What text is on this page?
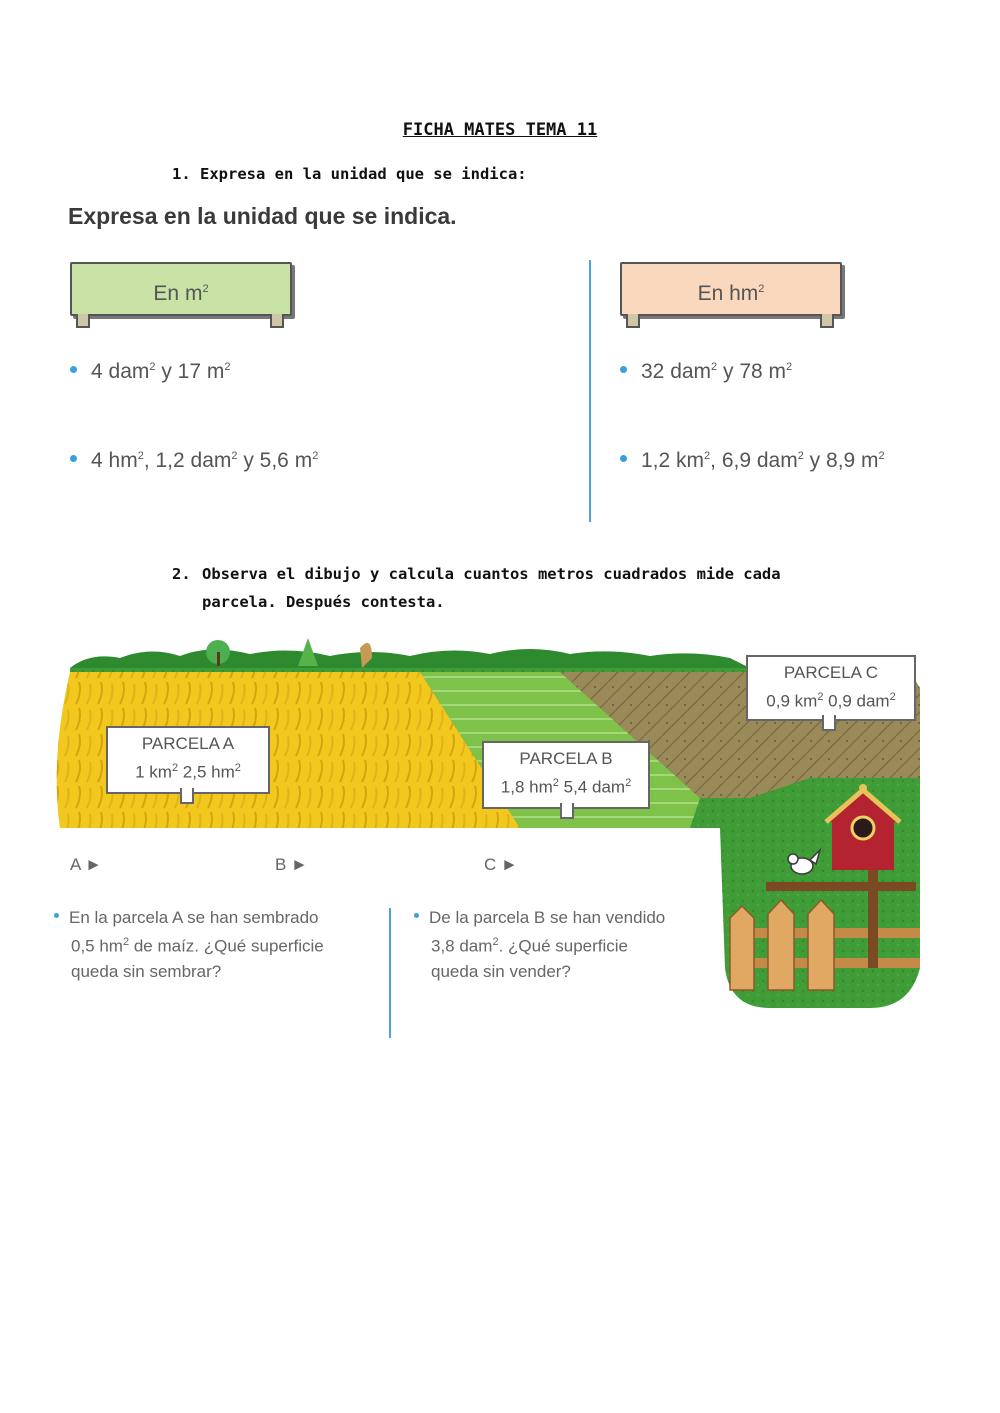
FICHA MATES TEMA 11
1. Expresa en la unidad que se indica:
Expresa en la unidad que se indica.
En $m^2$	En $hm^2$
4 dam$^2$ y 17 $m^2$
4 $hm^2$, 1,2 dam$^2$ y 5,6 $m^2$
32 dam$^2$ y 78 $m^2$
1,2 $km^2$, 6,9 dam$^2$ y 8,9 $m^2$
2. Observa el dibujo y calcula cuantos metros cuadrados mide cada
parcela. Después contesta.
PARCELA A
1 $km^2$ 2,5 $hm^2$	PARCELA B
1,8 $hm^2$ 5,4 dam$^2$
PARCELA C
0,9 $km^2$ 0,9 dam$^2$
A ►	B ►	C ►
En la parcela A se han sembrado
0,5 $hm^2$ de maíz. ¿Qué superficie
queda sin sembrar?
De la parcela B se han vendido
3,8 dam$^2$. ¿Qué superficie
queda sin vender?
